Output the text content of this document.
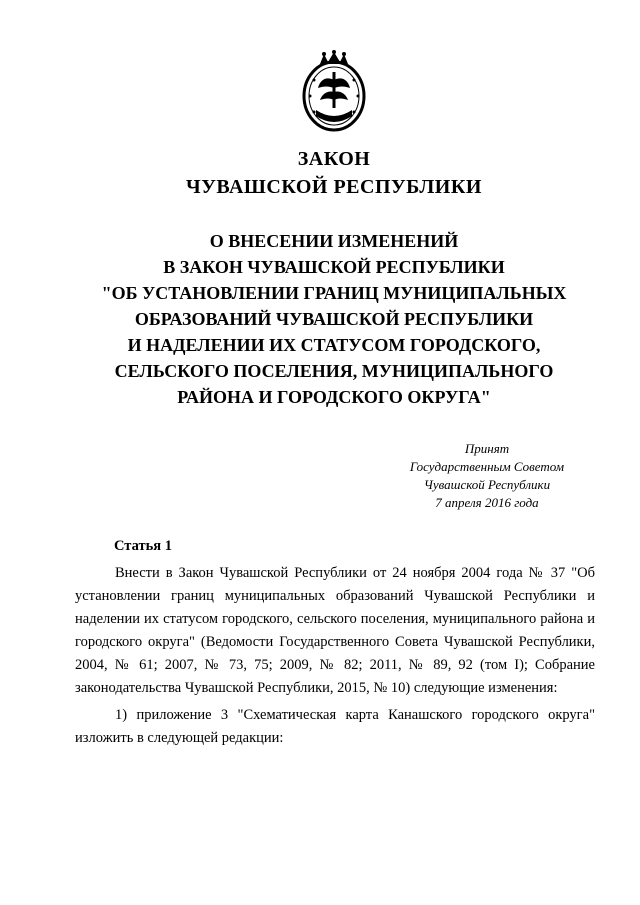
ЗАКОН
ЧУВАШСКОЙ РЕСПУБЛИКИ
О ВНЕСЕНИИ ИЗМЕНЕНИЙ
В ЗАКОН ЧУВАШСКОЙ РЕСПУБЛИКИ
"ОБ УСТАНОВЛЕНИИ ГРАНИЦ МУНИЦИПАЛЬНЫХ
ОБРАЗОВАНИЙ ЧУВАШСКОЙ РЕСПУБЛИКИ
И НАДЕЛЕНИИ ИХ СТАТУСОМ ГОРОДСКОГО,
СЕЛЬСКОГО ПОСЕЛЕНИЯ, МУНИЦИПАЛЬНОГО
РАЙОНА И ГОРОДСКОГО ОКРУГА"
Принят
Государственным Советом
Чувашской Республики
7 апреля 2016 года
Статья 1

Внести в Закон Чувашской Республики от 24 ноября 2004 года № 37 "Об установлении границ муниципальных образований Чувашской Республики и наделении их статусом городского, сельского поселения, муниципального района и городского округа" (Ведомости Государственного Совета Чувашской Республики, 2004, № 61; 2007, № 73, 75; 2009, № 82; 2011, № 89, 92 (том I); Собрание законодательства Чувашской Республики, 2015, № 10) следующие изменения:

1) приложение 3 "Схематическая карта Канашского городского округа" изложить в следующей редакции:
